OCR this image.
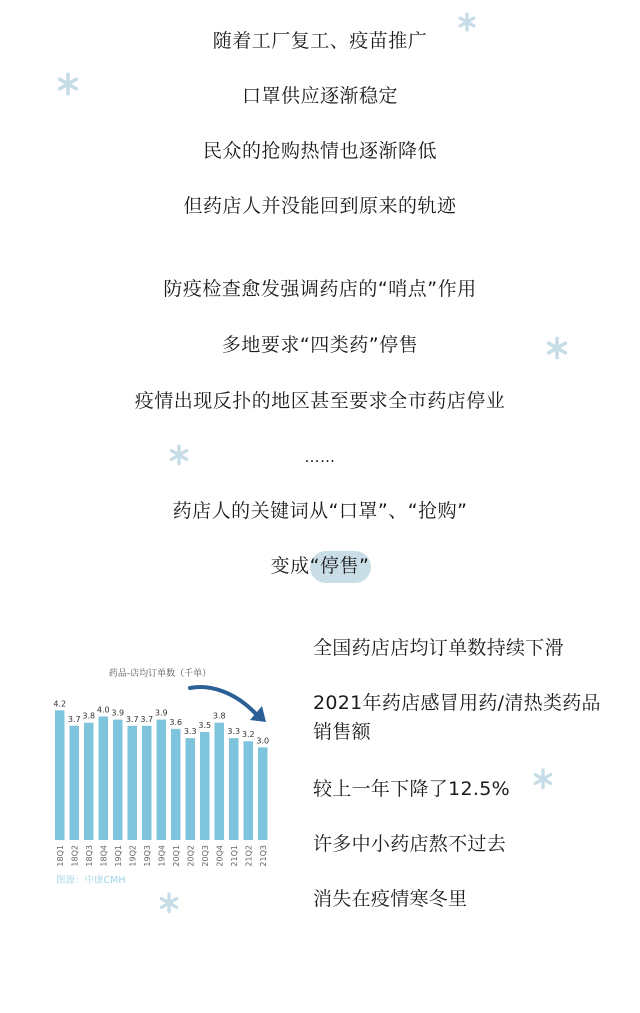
随着工厂复工、疫苗推广
口罩供应逐渐稳定
民众的抢购热情也逐渐降低
但药店人并没能回到原来的轨迹
防疫检查愈发强调药店的“哨点”作用
多地要求“四类药”停售
疫情出现反扑的地区甚至要求全市药店停业
……
药店人的关键词从“口罩”、“抢购”
变成
“停售”
药品-店均订单数（千单）
4.2
3.7 3.8
4.0 3.9
3.7 3.7
3.9
3.6
3.3
3.5
3.8
3.3 3.2
3.0
18Q1 18Q2 18Q3 18Q4 19Q1 19Q2 19Q3 19Q4 20Q1 20Q2 20Q3 20Q4 21Q1 21Q2 21Q3
图源：中康CMH
全国药店店均订单数持续下滑
2021年药店感冒用药/清热类药品
销售额
较上一年下降了12.5%
许多中小药店熬不过去
消失在疫情寒冬里
